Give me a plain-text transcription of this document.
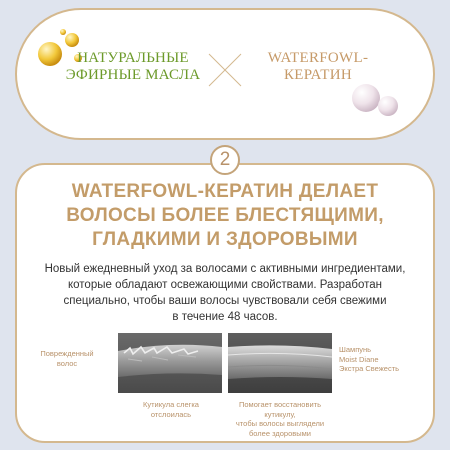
НАТУРАЛЬНЫЕ
ЭФИРНЫЕ МАСЛА
WATERFOWL-
КЕРАТИН
2
WATERFOWL-КЕРАТИН ДЕЛАЕТ
ВОЛОСЫ БОЛЕЕ БЛЕСТЯЩИМИ,
ГЛАДКИМИ И ЗДОРОВЫМИ
Новый ежедневный уход за волосами с активными ингредиентами,
которые обладают освежающими свойствами. Разработан
специально, чтобы ваши волосы чувствовали себя свежими
в течение 48 часов.
Поврежденный
волос
Шампунь
Moist Diane
Экстра Свежесть
Кутикула слегка
отслоилась
Помогает восстановить кутикулу,
чтобы волосы выглядели
более здоровыми
